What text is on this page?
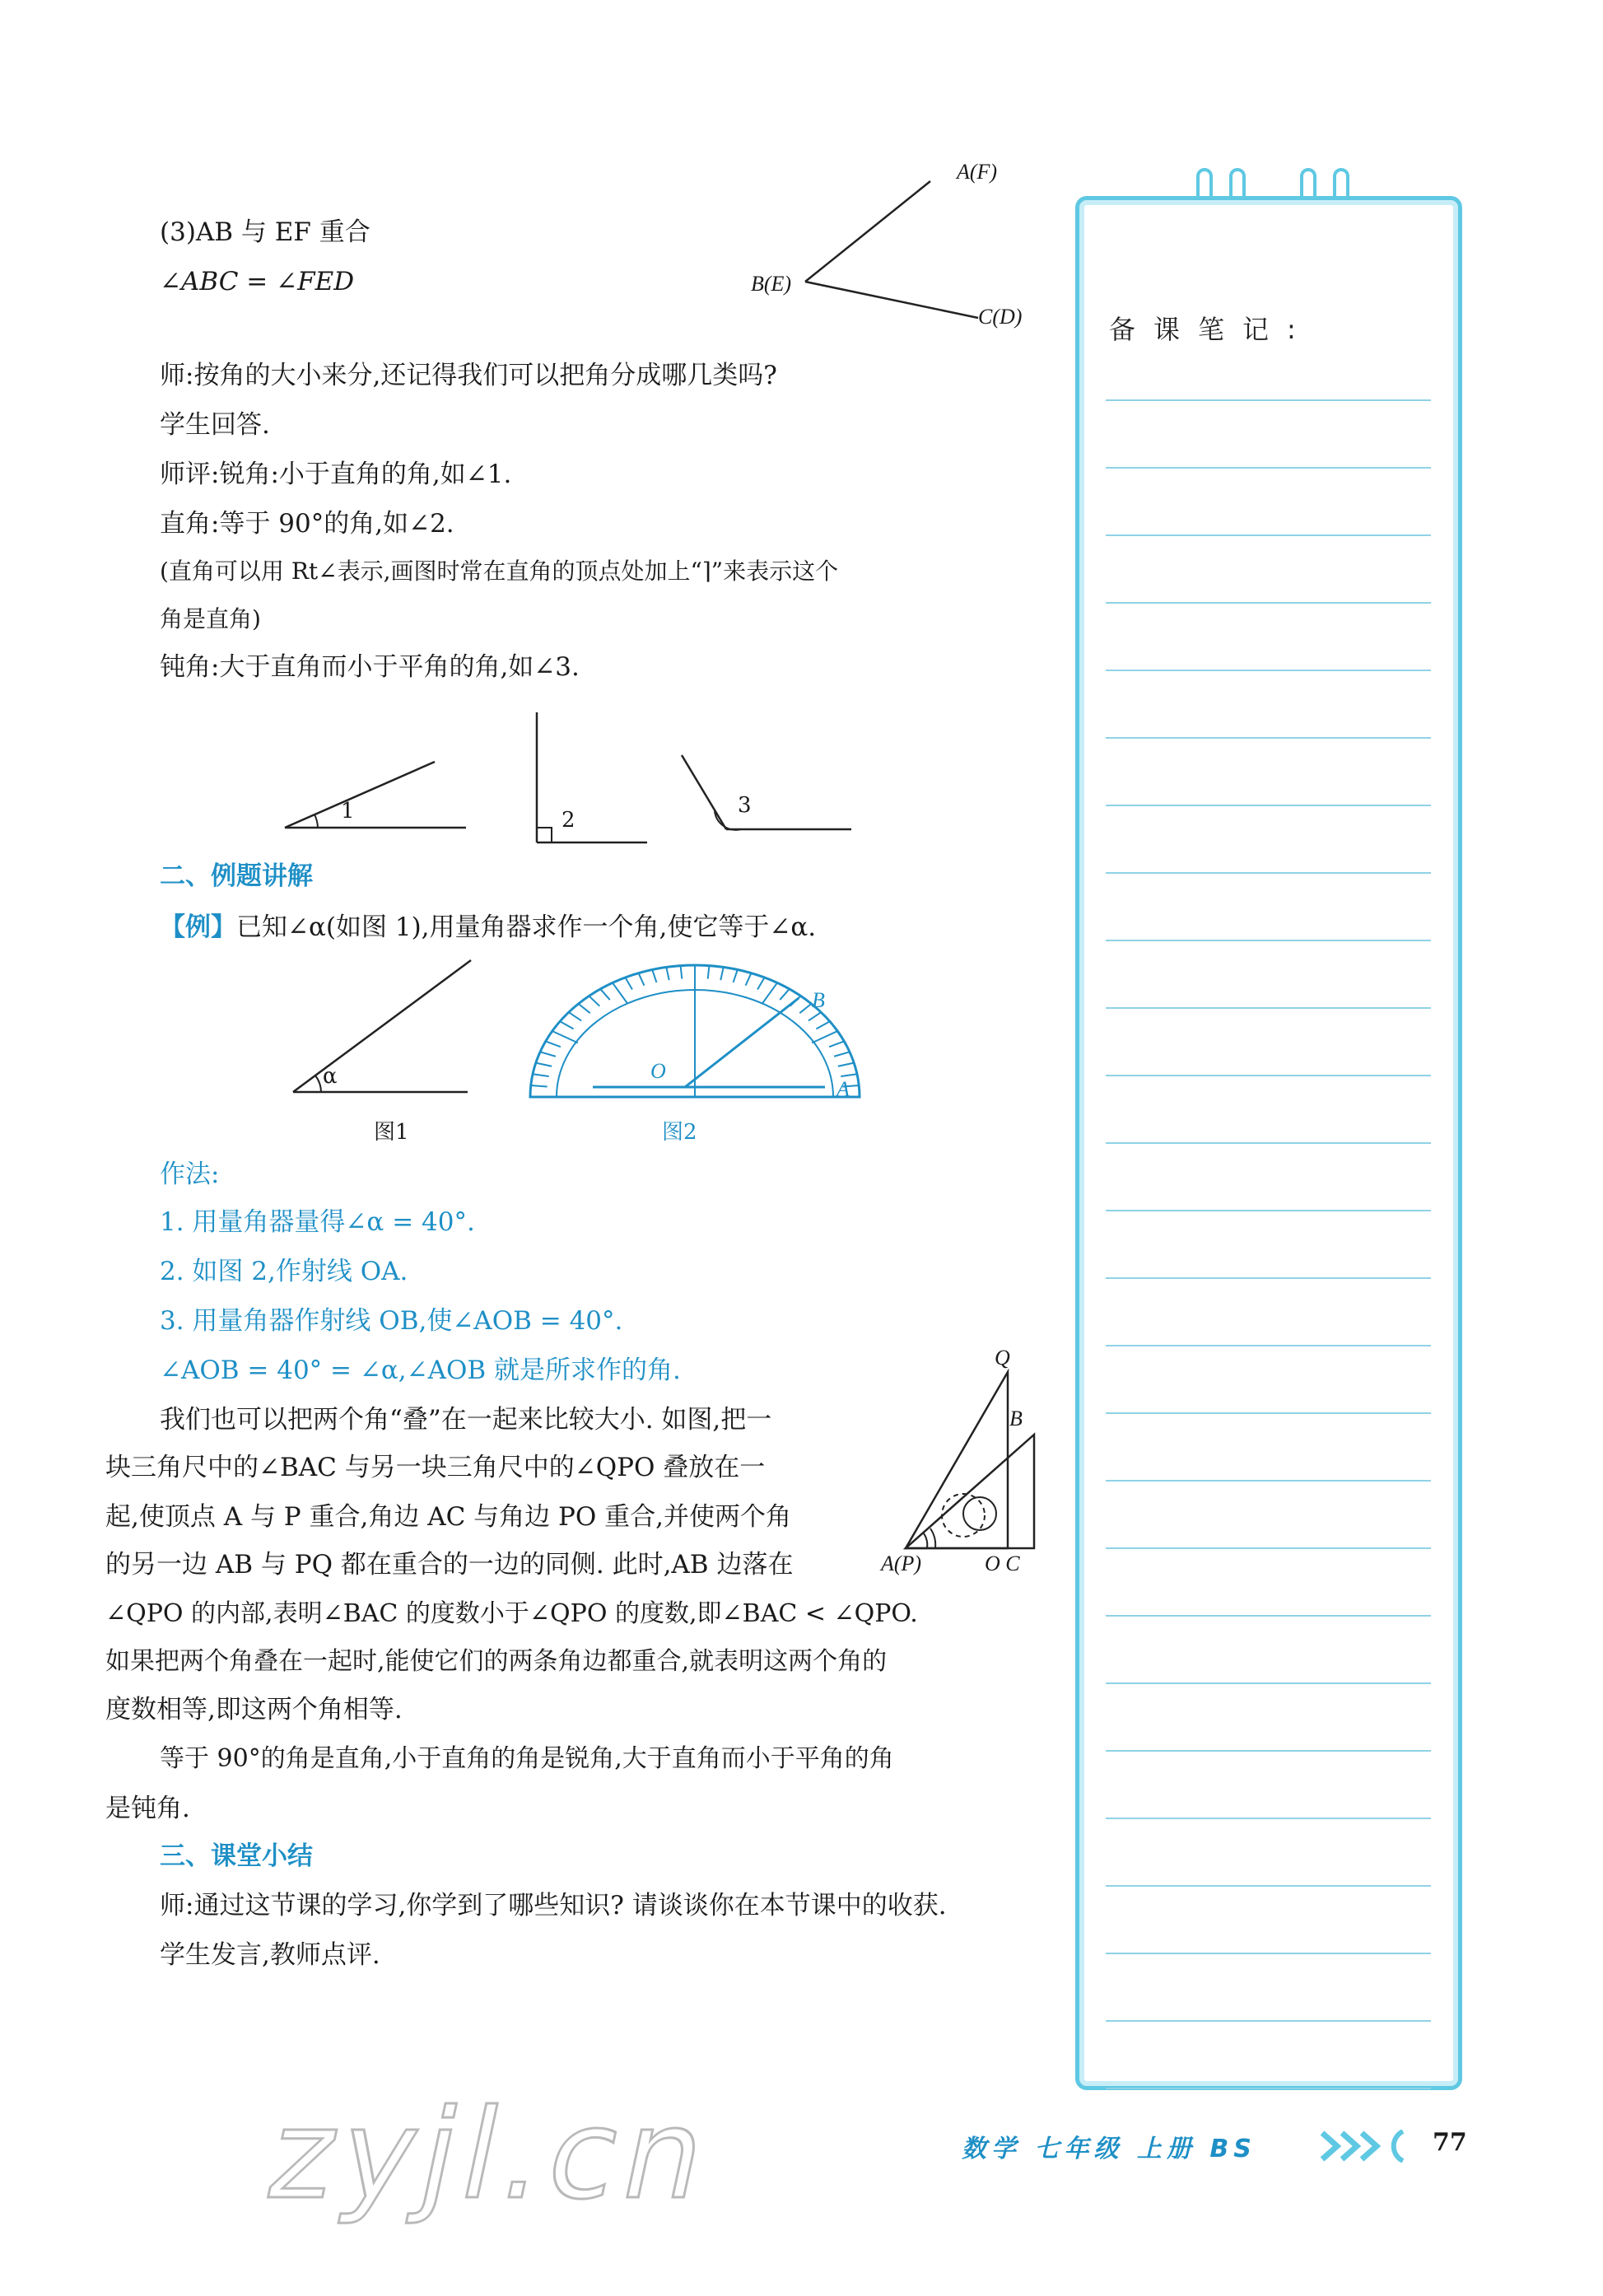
(3)AB 与 EF 重合
∠ABC = ∠FED
A(F)
B(E)
C(D)
师:按角的大小来分,还记得我们可以把角分成哪几类吗?
学生回答.
师评:锐角:小于直角的角,如∠1.
直角:等于 90°的角,如∠2.
(直角可以用 Rt∠表示,画图时常在直角的顶点处加上“⌉”来表示这个
角是直角)
钝角:大于直角而小于平角的角,如∠3.
1	2
3
二、例题讲解
【例】已知∠α(如图 1),用量角器求作一个角,使它等于∠α.
α
图1
O
A
B
图2
作法:
1. 用量角器量得∠α = 40°.
2. 如图 2,作射线 OA.
3. 用量角器作射线 OB,使∠AOB = 40°.
∠AOB = 40° = ∠α,∠AOB 就是所求作的角.	Q
B
A(P)	O C
我们也可以把两个角“叠”在一起来比较大小. 如图,把一
块三角尺中的∠BAC 与另一块三角尺中的∠QPO 叠放在一
起,使顶点 A 与 P 重合,角边 AC 与角边 PO 重合,并使两个角
的另一边 AB 与 PQ 都在重合的一边的同侧. 此时,AB 边落在
∠QPO 的内部,表明∠BAC 的度数小于∠QPO 的度数,即∠BAC < ∠QPO.
如果把两个角叠在一起时,能使它们的两条角边都重合,就表明这两个角的
度数相等,即这两个角相等.
等于 90°的角是直角,小于直角的角是锐角,大于直角而小于平角的角
是钝角.
三、课堂小结
师:通过这节课的学习,你学到了哪些知识? 请谈谈你在本节课中的收获.
学生发言,教师点评.
备课笔记:
数学 七年级 上册 BS	77
zyjl.cn
